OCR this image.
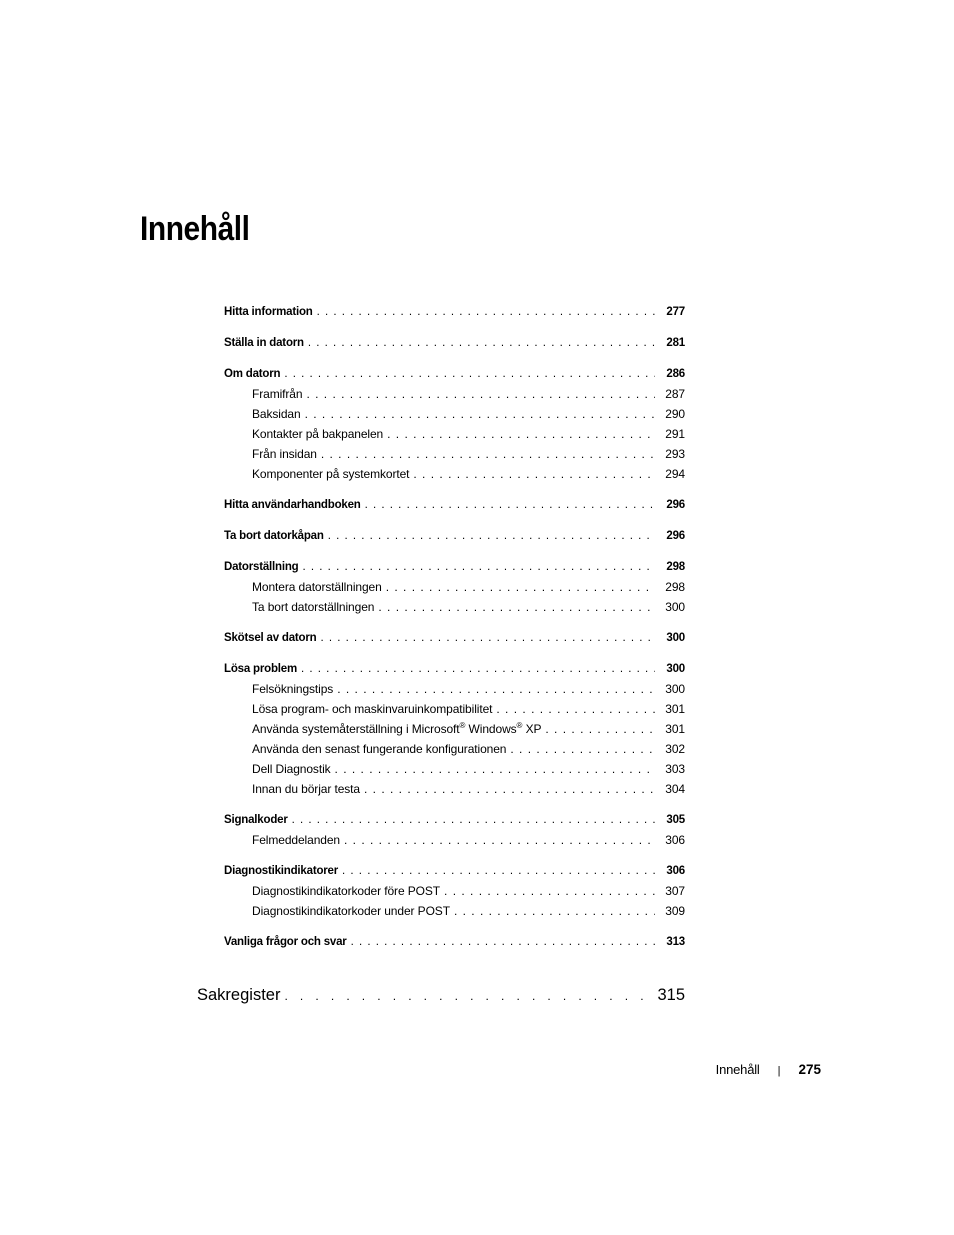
Innehåll
Hitta information . . .	277
Ställa in datorn . . .	281
Om datorn . . .	286
Framifrån . . .	287
Baksidan . . .	290
Kontakter på bakpanelen . . .	291
Från insidan . . .	293
Komponenter på systemkortet . . .	294
Hitta användarhandboken . . .	296
Ta bort datorkåpan . . .	296
Datorställning . . .	298
Montera datorställningen . . .	298
Ta bort datorställningen . . .	300
Skötsel av datorn . . .	300
Lösa problem . . .	300
Felsökningstips . . .	300
Lösa program- och maskinvaruinkompatibilitet . . .	301
Använda systemåterställning i Microsoft® Windows® XP . . .	301
Använda den senast fungerande konfigurationen . . .	302
Dell Diagnostik . . .	303
Innan du börjar testa . . .	304
Signalkoder . . .	305
Felmeddelanden . . .	306
Diagnostikindikatorer . . .	306
Diagnostikindikatorkoder före POST . . .	307
Diagnostikindikatorkoder under POST . . .	309
Vanliga frågor och svar . . .	313
Sakregister . . .	315
Innehåll | 275
